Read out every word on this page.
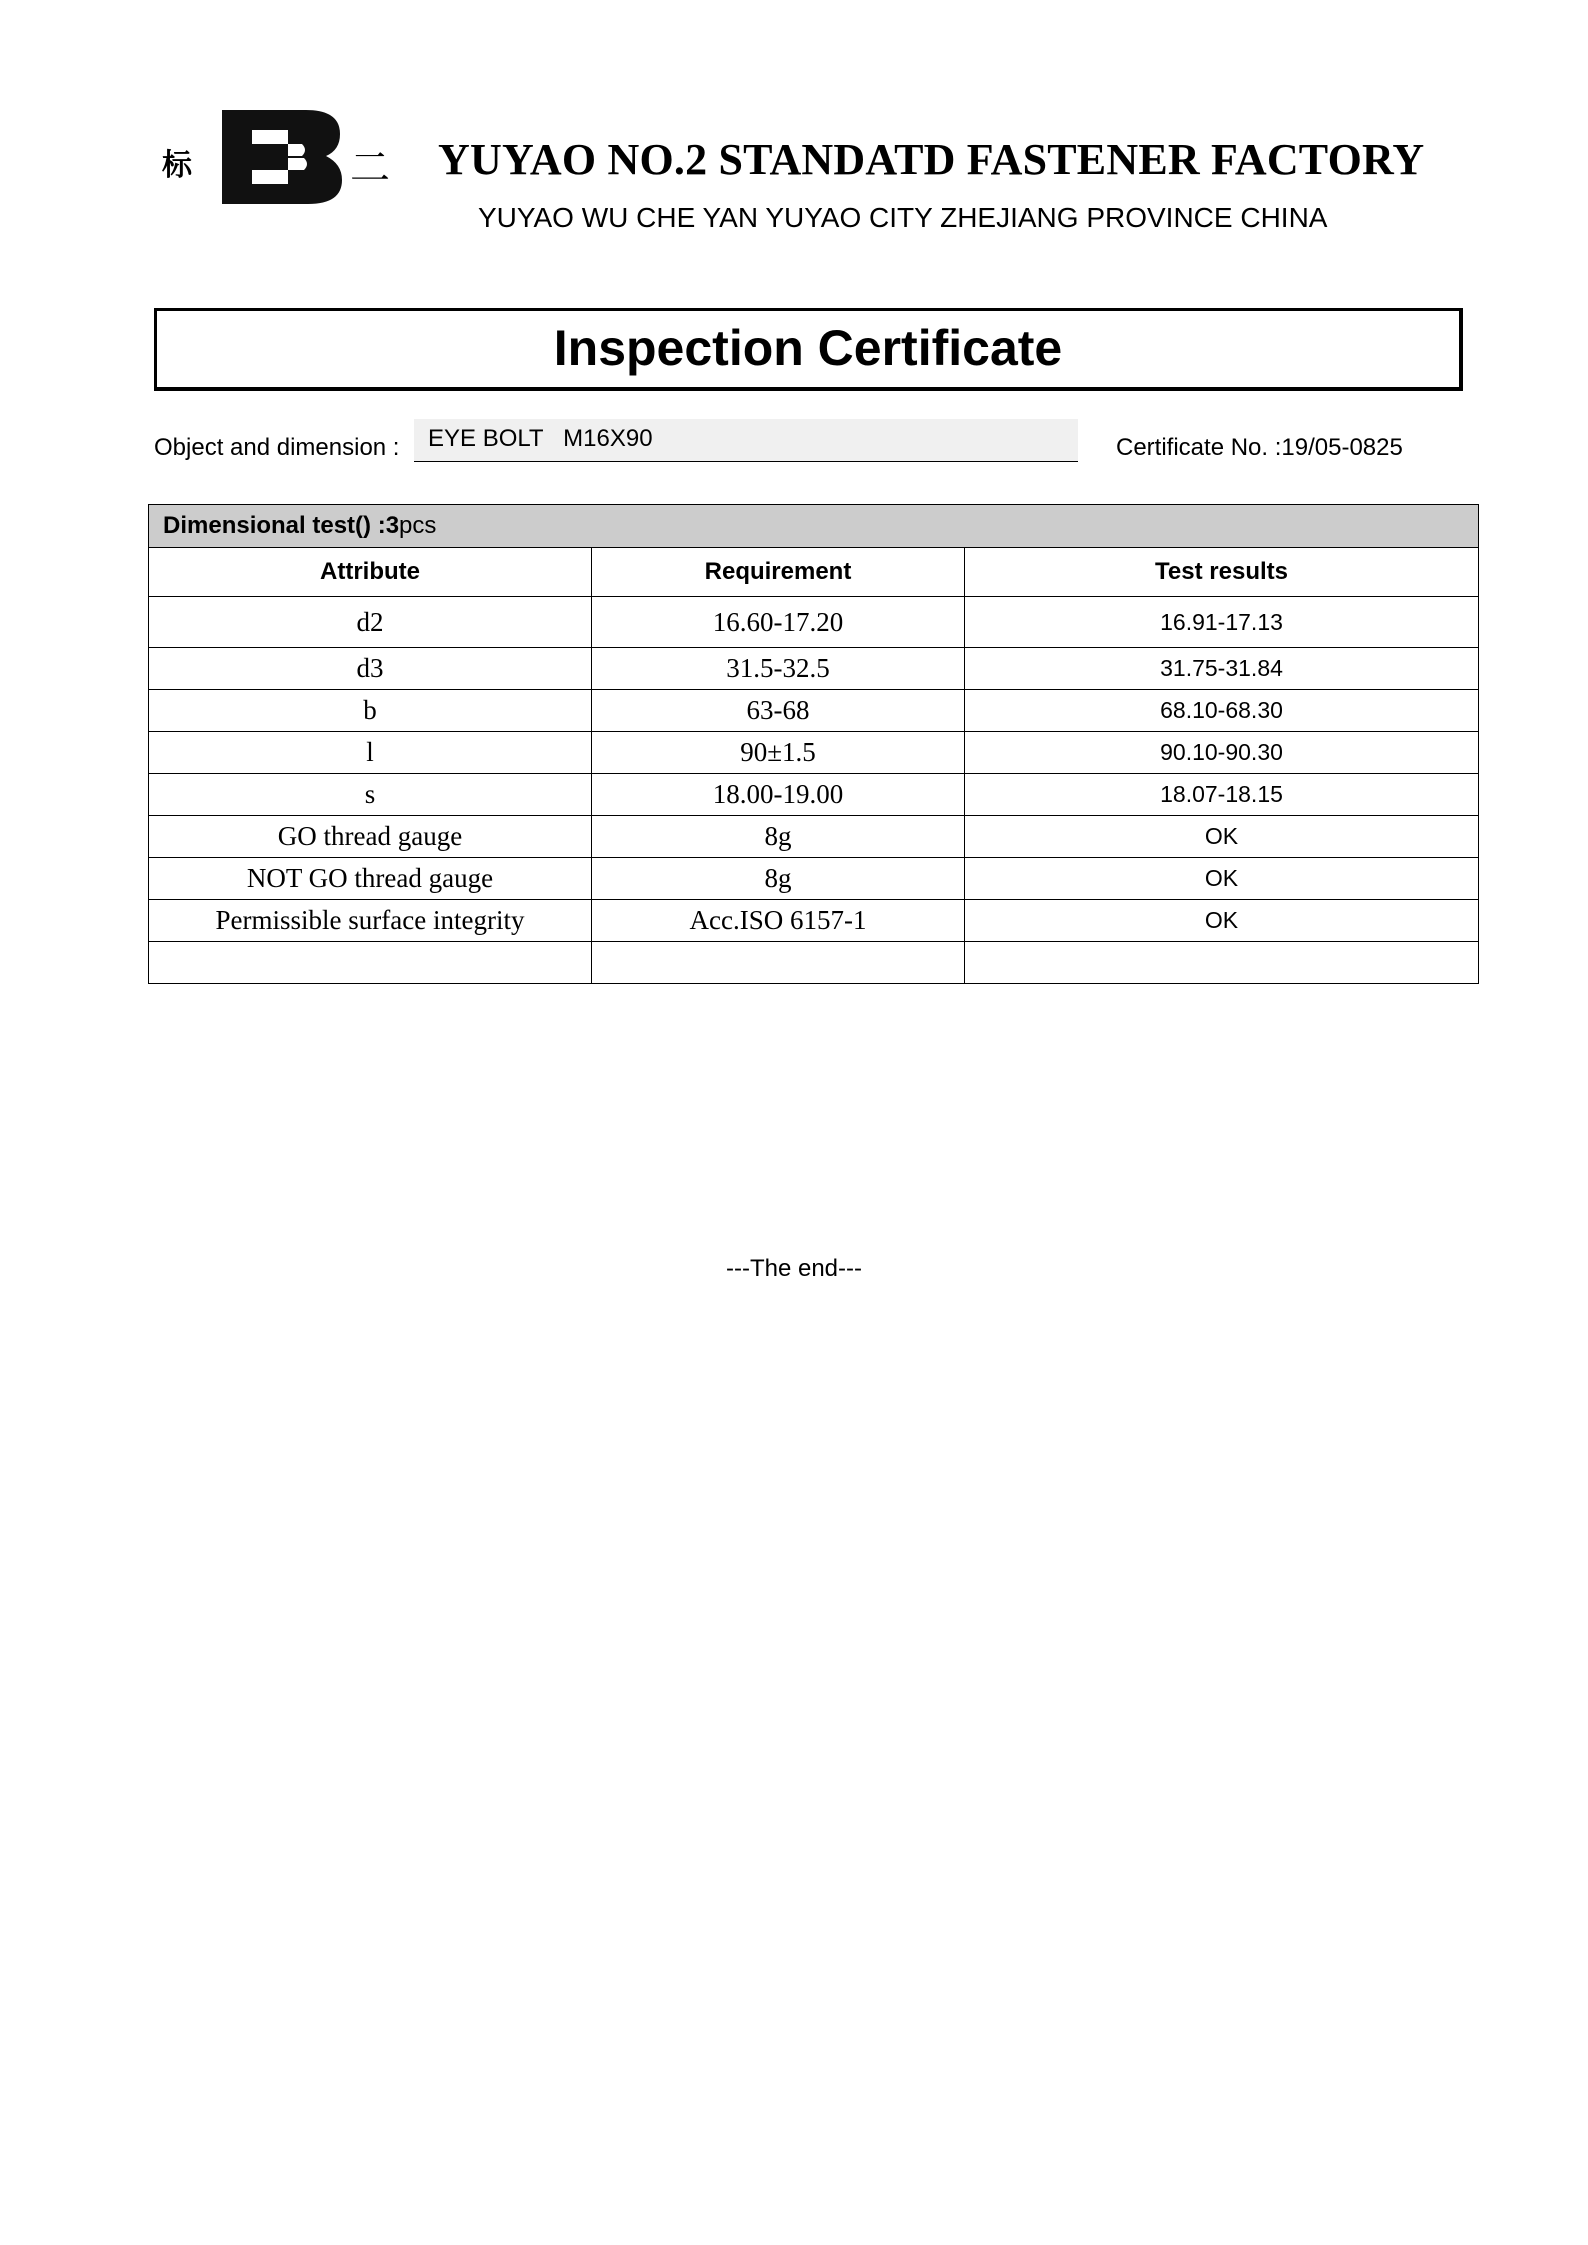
标	二 YUYAO NO.2 STANDATD FASTENER FACTORY
YUYAO WU CHE YAN YUYAO CITY ZHEJIANG PROVINCE CHINA
Inspection Certificate
Object and dimension : EYE BOLT   M16X90	Certificate No. :19/05-0825
Dimensional test() :3pcs		
Attribute	Requirement	Test results
d2	16.60-17.20	16.91-17.13
d3	31.5-32.5	31.75-31.84
b	63-68	68.10-68.30
l	90±1.5	90.10-90.30
s	18.00-19.00	18.07-18.15
GO thread gauge	8g	OK
NOT GO thread gauge	8g	OK
Permissible surface integrity	Acc.ISO 6157-1	OK

---The end---
